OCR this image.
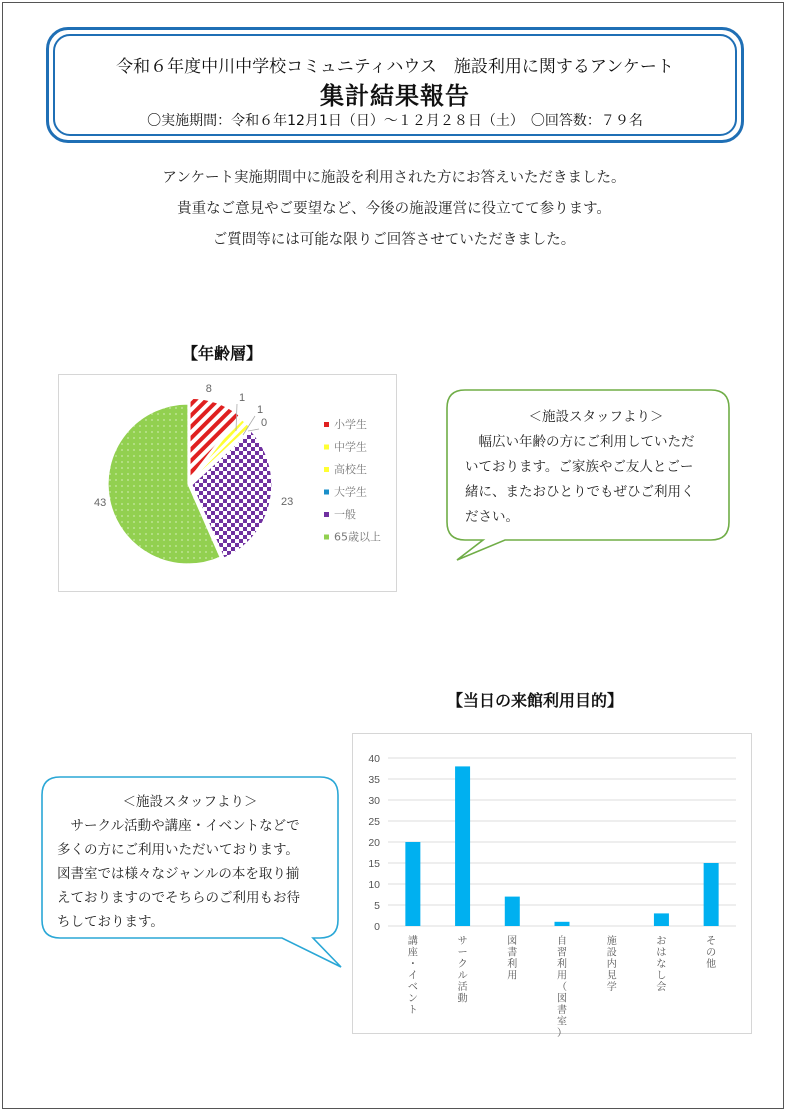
令和６年度中川中学校コミュニティハウス　施設利用に関するアンケート
集計結果報告
〇実施期間：令和６年12月1日（日）～１２月２８日（土）　〇回答数：７９名
アンケート実施期間中に施設を利用された方にお答えいただきました。
貴重なご意見やご要望など、今後の施設運営に役立てて参ります。
ご質問等には可能な限りご回答させていただきました。
【年齢層】
8
1
1
0
23
43
小学生
中学生
高校生
大学生
一般
65歳以上
＜施設スタッフより＞
　幅広い年齢の方にご利用していただ
いております。ご家族やご友人とごー
緒に、またおひとりでもぜひご利用く
ださい。
【当日の来館利用目的】
0
5
10
15
20
25
30
35
40
講座・イベント
サークル活動
図書利用
自習利用（図書室）
施設内見学
おはなし会
その他
＜施設スタッフより＞
　サークル活動や講座・イベントなどで
多くの方にご利用いただいております。
図書室では様々なジャンルの本を取り揃
えておりますのでそちらのご利用もお待
ちしております。
